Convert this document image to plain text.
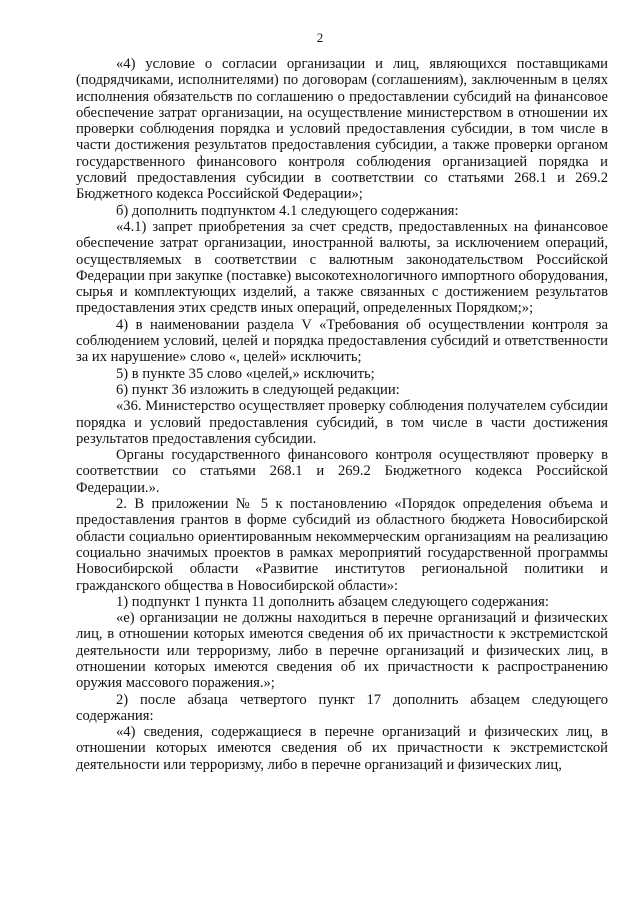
2

«4) условие о согласии организации и лиц, являющихся поставщиками (подрядчиками, исполнителями) по договорам (соглашениям), заключенным в целях исполнения обязательств по соглашению о предоставлении субсидий на финансовое обеспечение затрат организации, на осуществление министерством в отношении их проверки соблюдения порядка и условий предоставления субсидии, в том числе в части достижения результатов предоставления субсидии, а также проверки органом государственного финансового контроля соблюдения организацией порядка и условий предоставления субсидии в соответствии со статьями 268.1 и 269.2 Бюджетного кодекса Российской Федерации»;

б) дополнить подпунктом 4.1 следующего содержания:

«4.1) запрет приобретения за счет средств, предоставленных на финансовое обеспечение затрат организации, иностранной валюты, за исключением операций, осуществляемых в соответствии с валютным законодательством Российской Федерации при закупке (поставке) высокотехнологичного импортного оборудования, сырья и комплектующих изделий, а также связанных с достижением результатов предоставления этих средств иных операций, определенных Порядком;»;

4) в наименовании раздела V «Требования об осуществлении контроля за соблюдением условий, целей и порядка предоставления субсидий и ответственности за их нарушение» слово «, целей» исключить;

5) в пункте 35 слово «целей,» исключить;

6) пункт 36 изложить в следующей редакции:

«36. Министерство осуществляет проверку соблюдения получателем субсидии порядка и условий предоставления субсидий, в том числе в части достижения результатов предоставления субсидии.

Органы государственного финансового контроля осуществляют проверку в соответствии со статьями 268.1 и 269.2 Бюджетного кодекса Российской Федерации.».

2. В приложении № 5 к постановлению «Порядок определения объема и предоставления грантов в форме субсидий из областного бюджета Новосибирской области социально ориентированным некоммерческим организациям на реализацию социально значимых проектов в рамках мероприятий государственной программы Новосибирской области «Развитие институтов региональной политики и гражданского общества в Новосибирской области»:

1) подпункт 1 пункта 11 дополнить абзацем следующего содержания:

«е) организации не должны находиться в перечне организаций и физических лиц, в отношении которых имеются сведения об их причастности к экстремистской деятельности или терроризму, либо в перечне организаций и физических лиц, в отношении которых имеются сведения об их причастности к распространению оружия массового поражения.»;

2) после абзаца четвертого пункт 17 дополнить абзацем следующего содержания:

«4) сведения, содержащиеся в перечне организаций и физических лиц, в отношении которых имеются сведения об их причастности к экстремистской деятельности или терроризму, либо в перечне организаций и физических лиц,
